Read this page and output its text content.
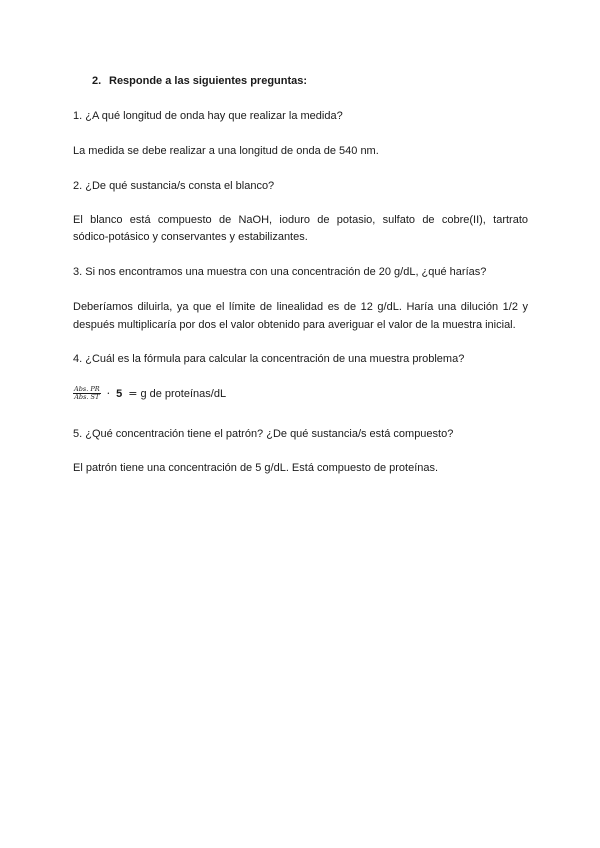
2. Responde a las siguientes preguntas:
1. ¿A qué longitud de onda hay que realizar la medida?
La medida se debe realizar a una longitud de onda de 540 nm.
2. ¿De qué sustancia/s consta el blanco?
El blanco está compuesto de NaOH, ioduro de potasio, sulfato de cobre(II), tartrato
sódico-potásico y conservantes y estabilizantes.
3. Si nos encontramos una muestra con una concentración de 20 g/dL, ¿qué harías?
Deberíamos diluirla, ya que el límite de linealidad es de 12 g/dL. Haría una dilución 1/2 y
después multiplicaría por dos el valor obtenido para averiguar el valor de la muestra inicial.
4. ¿Cuál es la fórmula para calcular la concentración de una muestra problema?
$\frac{\text{Abs. PR}}{\text{Abs. ST}} \cdot 5 = g$ de proteínas/dL
5. ¿Qué concentración tiene el patrón? ¿De qué sustancia/s está compuesto?
El patrón tiene una concentración de 5 g/dL. Está compuesto de proteínas.
